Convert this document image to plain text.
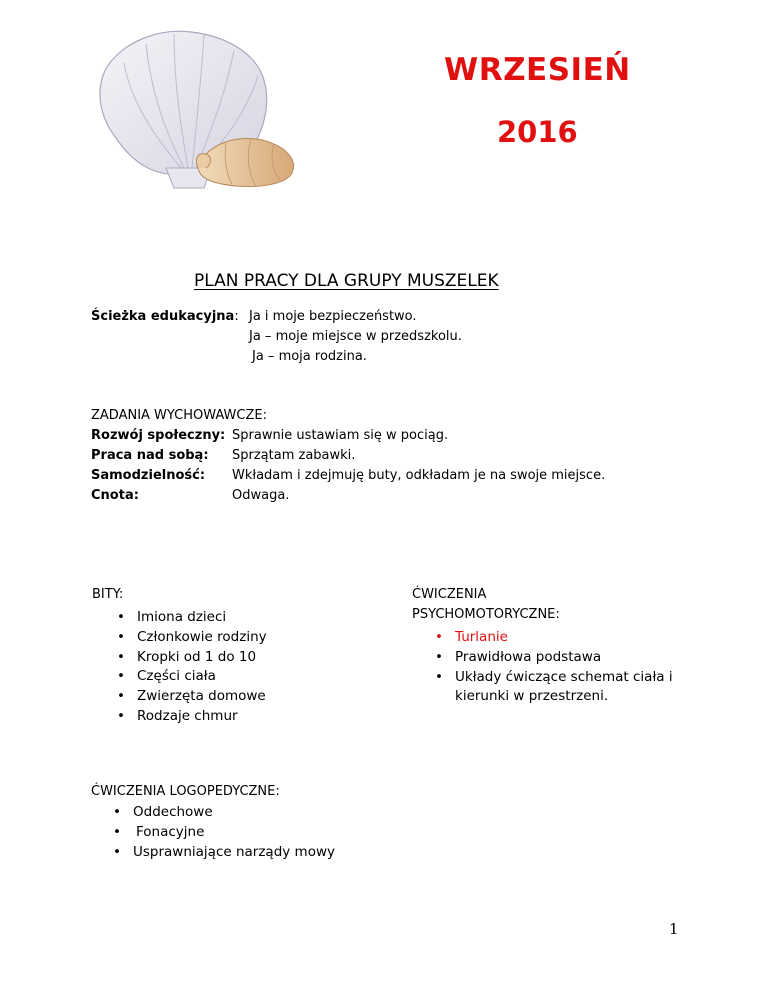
WRZESIEŃ
2016
PLAN PRACY DLA GRUPY MUSZELEK
Ścieżka edukacyjna: Ja i moje bezpieczeństwo.
Ja – moje miejsce w przedszkolu.
Ja – moja rodzina.
ZADANIA WYCHOWAWCZE:
Rozwój społeczny: Sprawnie ustawiam się w pociąg.
Praca nad sobą: Sprzątam zabawki.
Samodzielność: Wkładam i zdejmuję buty, odkładam je na swoje miejsce.
Cnota:	Odwaga.
BITY:
• Imiona dzieci
• Członkowie rodziny
• Kropki od 1 do 10
• Części ciała
• Zwierzęta domowe
• Rodzaje chmur
ĆWICZENIA
PSYCHOMOTORYCZNE:
• Turlanie
• Prawidłowa podstawa
• Układy ćwiczące schemat ciała i kierunki w przestrzeni.
ĆWICZENIA LOGOPEDYCZNE:
• Oddechowe
• Fonacyjne
• Usprawniające narządy mowy
1
